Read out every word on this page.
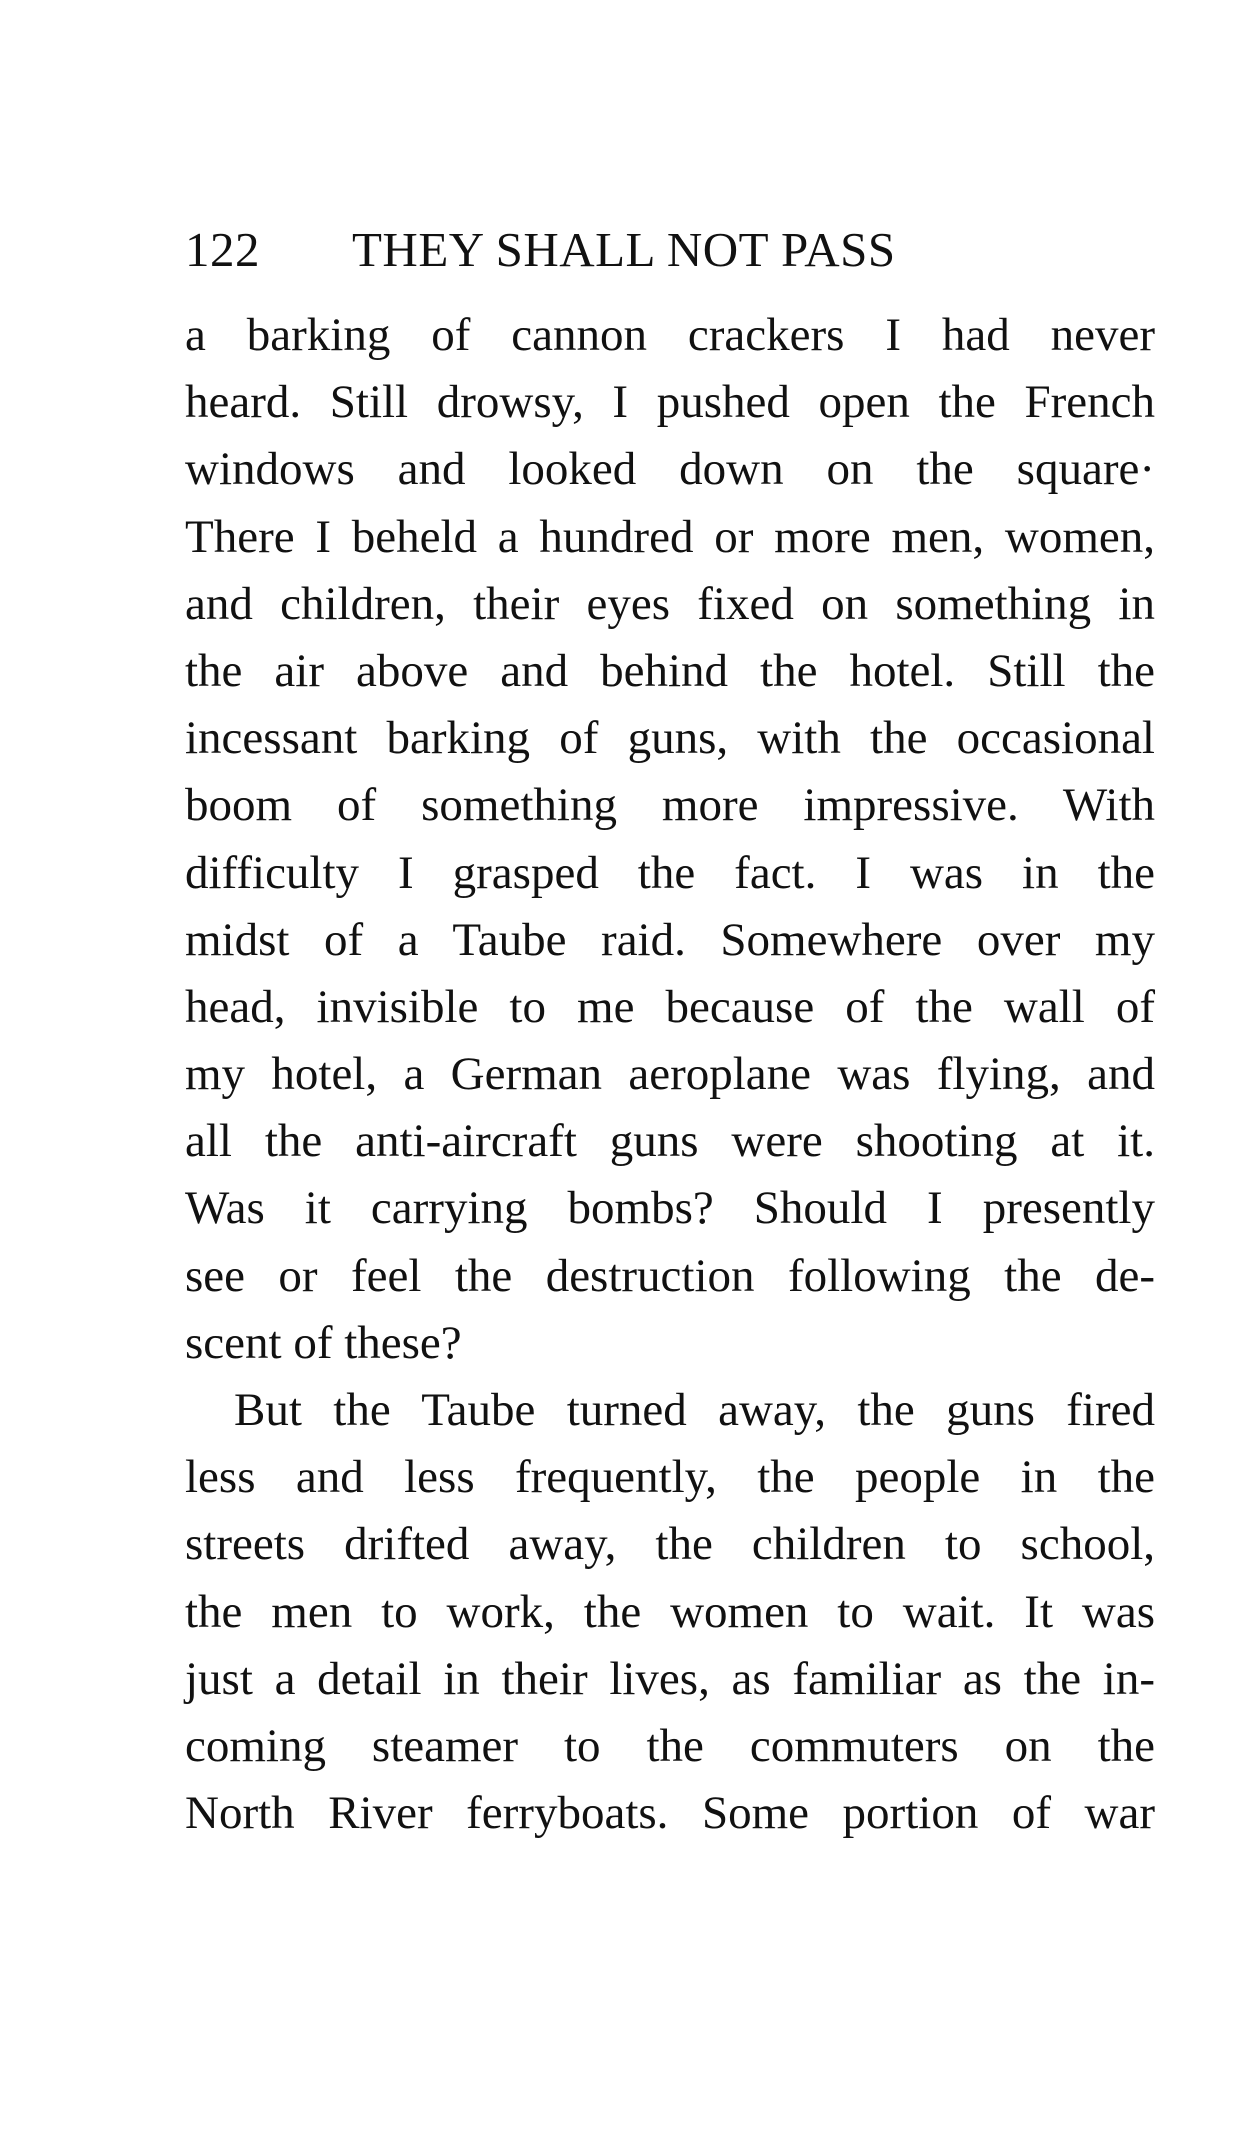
122 THEY SHALL NOT PASS
a barking of cannon crackers I had never
heard. Still drowsy, I pushed open the French
windows and looked down on the square·
There I beheld a hundred or more men, women,
and children, their eyes fixed on something in
the air above and behind the hotel. Still the
incessant barking of guns, with the occasional
boom of something more impressive. With
difficulty I grasped the fact. I was in the
midst of a Taube raid. Somewhere over my
head, invisible to me because of the wall of
my hotel, a German aeroplane was flying, and
all the anti-aircraft guns were shooting at it.
Was it carrying bombs? Should I presently
see or feel the destruction following the de-
scent of these?
But the Taube turned away, the guns fired
less and less frequently, the people in the
streets drifted away, the children to school,
the men to work, the women to wait. It was
just a detail in their lives, as familiar as the in-
coming steamer to the commuters on the
North River ferryboats. Some portion of war
